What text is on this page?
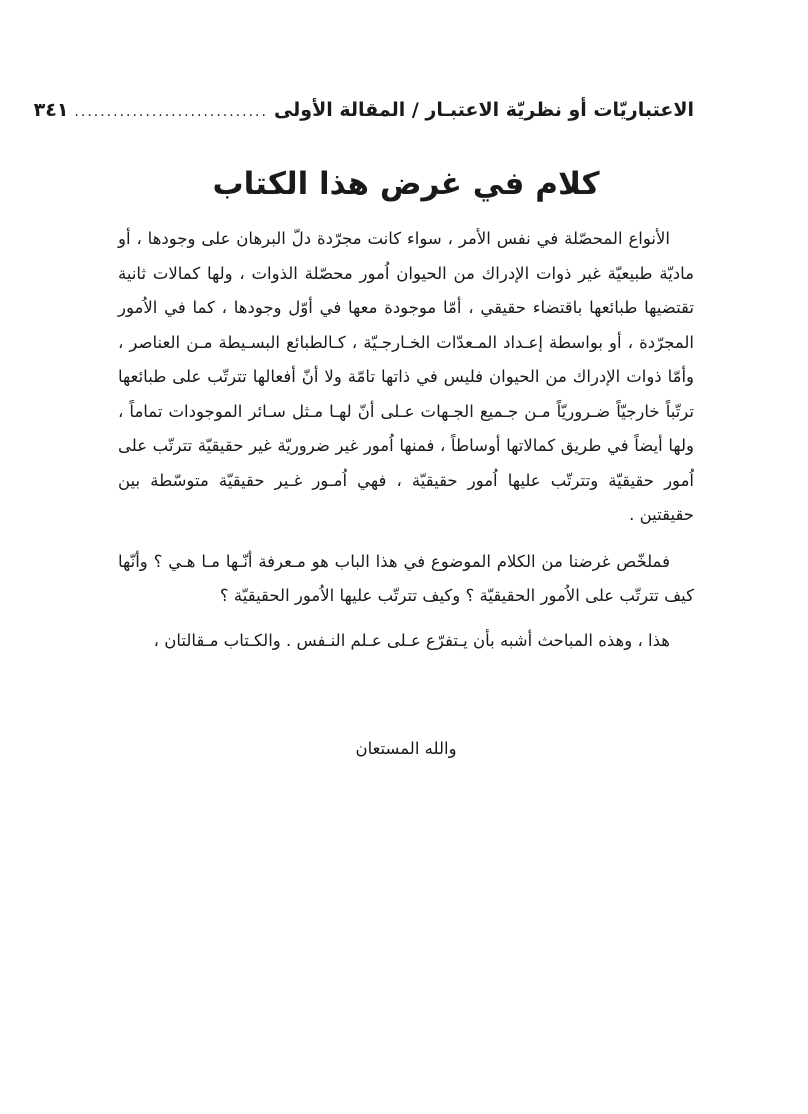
الاعتباريّات أو نظريّة الاعتبـار / المقالة الأولى
..............................
٣٤١
كلام في غرض هذا الكتاب

الأنواع المحصّلة في نفس الأمر ، سواء كانت مجرّدة دلّ البرهان على وجودها ، أو ماديّة طبيعيّة غير ذوات الإدراك من الحيوان اُمور محصّلة الذوات ، ولها كمالات ثانية تقتضيها طبائعها باقتضاء حقيقي ، أمّا موجودة معها في أوّل وجودها ، كما في الاُمور المجرّدة ، أو بواسطة إعـداد المـعدّات الخـارجـيّة ، كـالطبائع البسـيطة مـن العناصر ، وأمّا ذوات الإدراك من الحيوان فليس في ذاتها تامّة ولا أنّ أفعالها تترتّب على طبائعها ترتّباً خارجيّاً ضـروريّاً مـن جـميع الجـهات عـلى أنّ لهـا مـثل سـائر الموجودات تماماً ، ولها أيضاً في طريق كمالاتها أوساطاً ، فمنها اُمور غير ضروريّة غير حقيقيّة تترتّب على اُمور حقيقيّة وتترتّب عليها اُمور حقيقيّة ، فهي اُمـور غـير حقيقيّة متوسّطة بين حقيقتين .

فملخّص غرضنا من الكلام الموضوع في هذا الباب هو مـعرفة أنّـها مـا هـي ؟ وأنّها كيف تترتّب على الاُمور الحقيقيّة ؟ وكيف تترتّب عليها الاُمور الحقيقيّة ؟

هذا ، وهذه المباحث أشبه بأن يـتفرّع عـلى عـلم النـفس . والكـتاب مـقالتان ،

والله المستعان
